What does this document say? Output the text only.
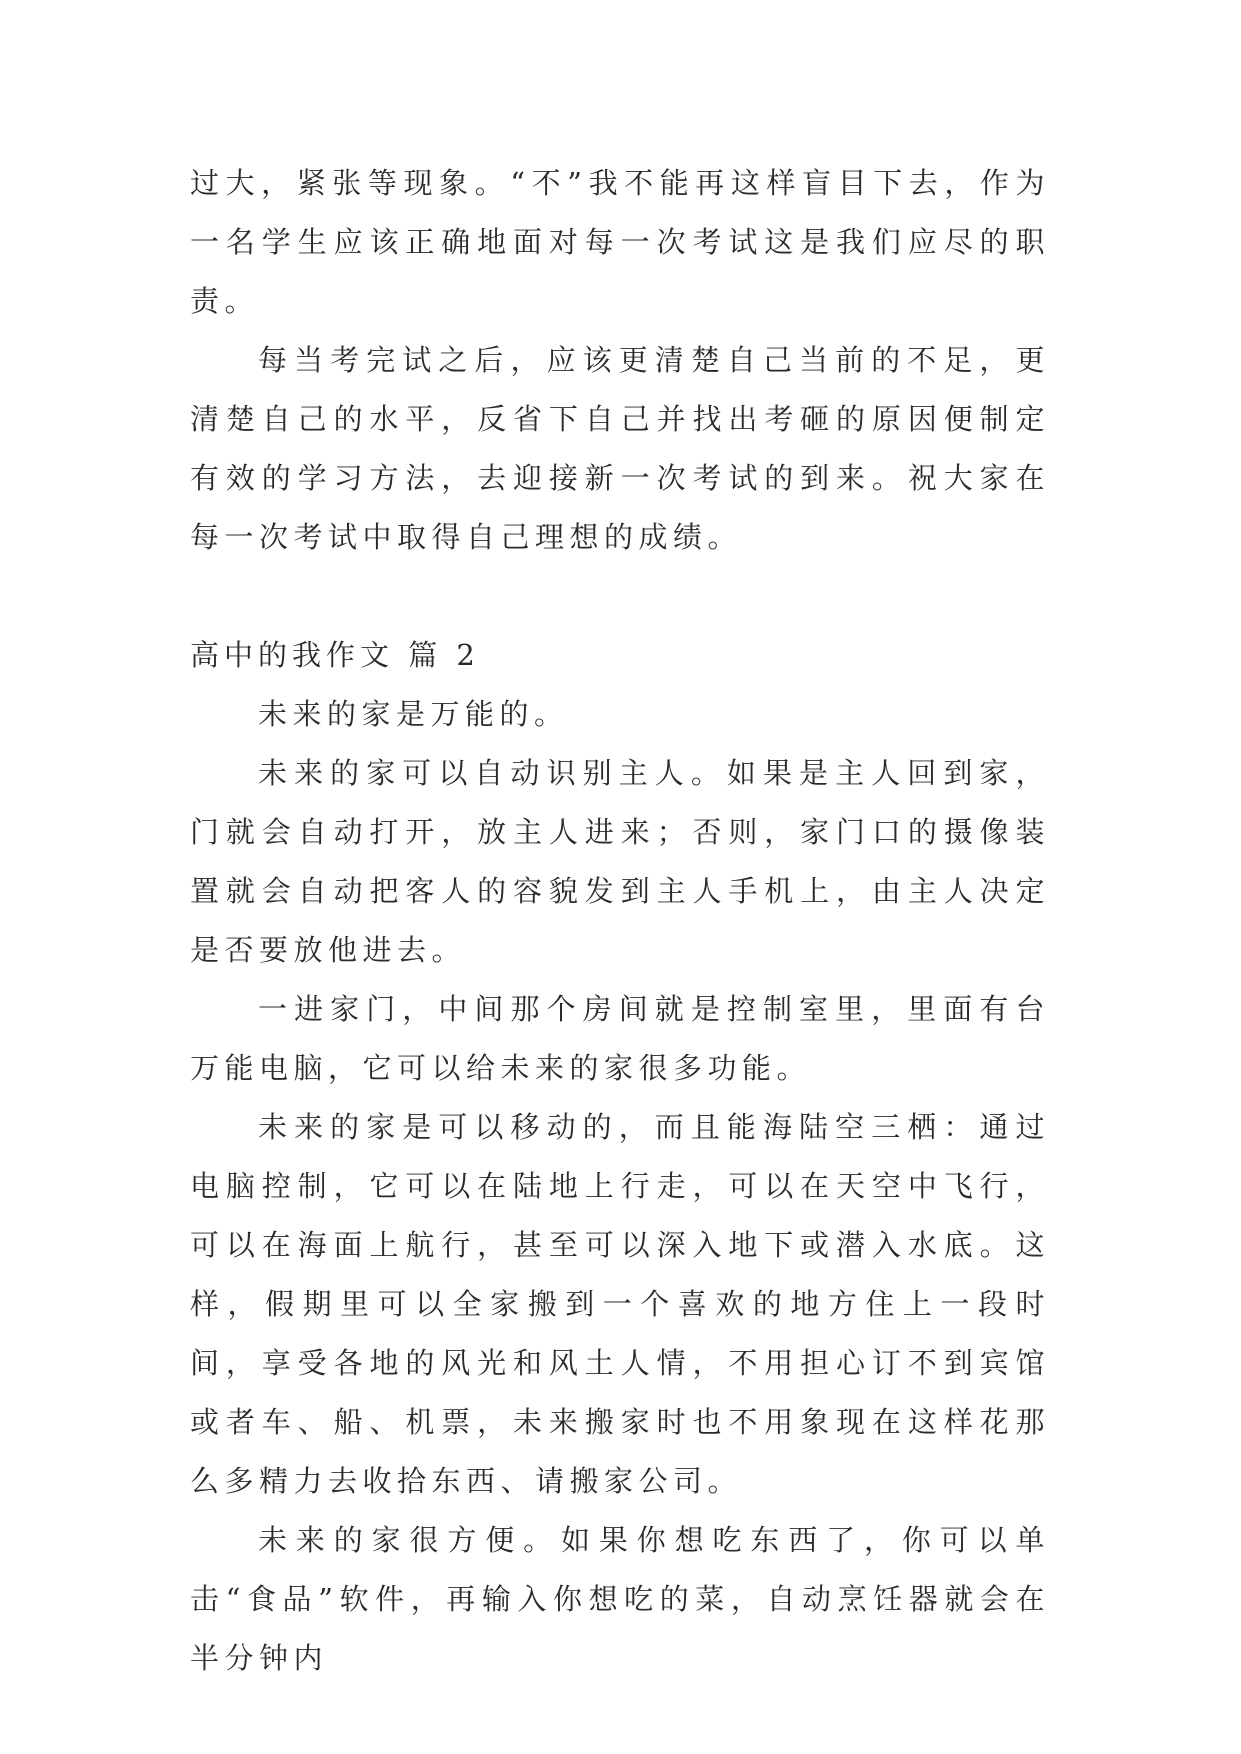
过大，紧张等现象。“不”我不能再这样盲目下去，作为一名学生应该正确地面对每一次考试这是我们应尽的职责。

每当考完试之后，应该更清楚自己当前的不足，更清楚自己的水平，反省下自己并找出考砸的原因便制定有效的学习方法，去迎接新一次考试的到来。祝大家在每一次考试中取得自己理想的成绩。

高中的我作文 篇 2

未来的家是万能的。

未来的家可以自动识别主人。如果是主人回到家，门就会自动打开，放主人进来；否则，家门口的摄像装置就会自动把客人的容貌发到主人手机上，由主人决定是否要放他进去。

一进家门，中间那个房间就是控制室里，里面有台万能电脑，它可以给未来的家很多功能。

未来的家是可以移动的，而且能海陆空三栖：通过电脑控制，它可以在陆地上行走，可以在天空中飞行，可以在海面上航行，甚至可以深入地下或潜入水底。这样，假期里可以全家搬到一个喜欢的地方住上一段时间，享受各地的风光和风土人情，不用担心订不到宾馆或者车、船、机票，未来搬家时也不用象现在这样花那么多精力去收拾东西、请搬家公司。

未来的家很方便。如果你想吃东西了，你可以单击“食品”软件，再输入你想吃的菜，自动烹饪器就会在半分钟内
